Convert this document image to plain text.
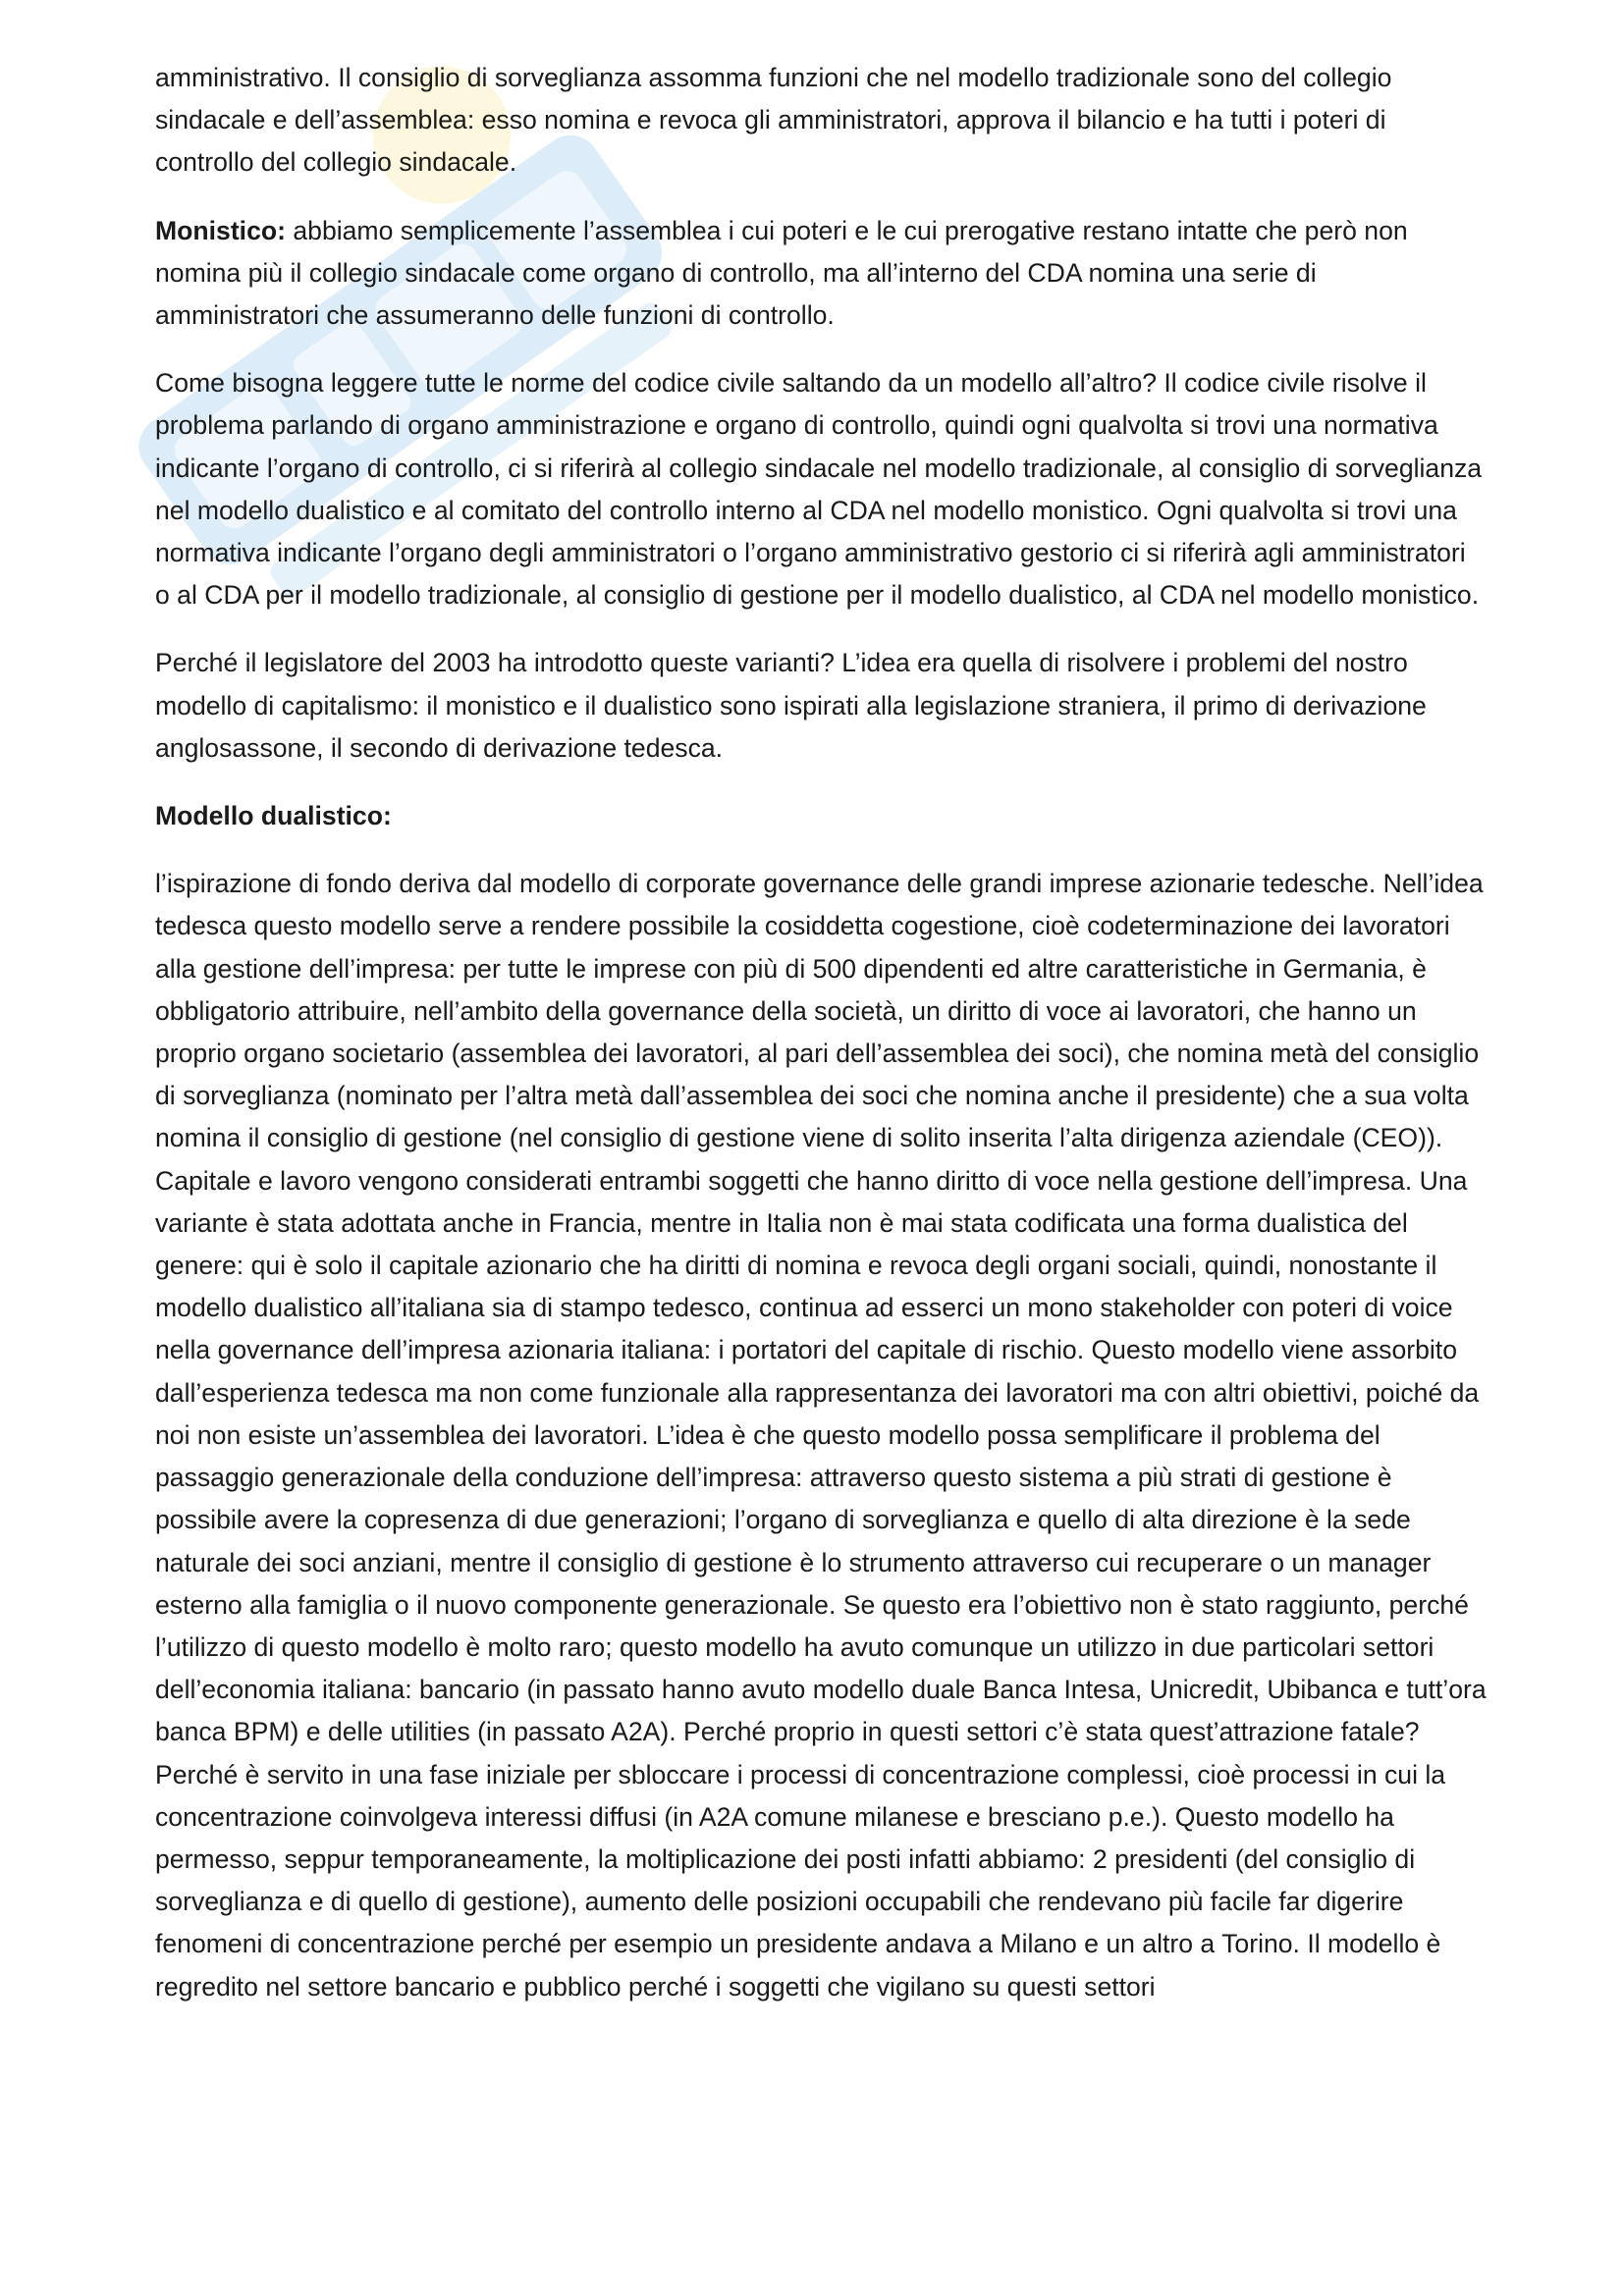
amministrativo. Il consiglio di sorveglianza assomma funzioni che nel modello tradizionale sono del collegio sindacale e dell’assemblea: esso nomina e revoca gli amministratori, approva il bilancio e ha tutti i poteri di controllo del collegio sindacale.

Monistico: abbiamo semplicemente l’assemblea i cui poteri e le cui prerogative restano intatte che però non nomina più il collegio sindacale come organo di controllo, ma all’interno del CDA nomina una serie di amministratori che assumeranno delle funzioni di controllo.

Come bisogna leggere tutte le norme del codice civile saltando da un modello all’altro? Il codice civile risolve il problema parlando di organo amministrazione e organo di controllo, quindi ogni qualvolta si trovi una normativa indicante l’organo di controllo, ci si riferirà al collegio sindacale nel modello tradizionale, al consiglio di sorveglianza nel modello dualistico e al comitato del controllo interno al CDA nel modello monistico. Ogni qualvolta si trovi una normativa indicante l’organo degli amministratori o l’organo amministrativo gestorio ci si riferirà agli amministratori o al CDA per il modello tradizionale, al consiglio di gestione per il modello dualistico, al CDA nel modello monistico.

Perché il legislatore del 2003 ha introdotto queste varianti? L’idea era quella di risolvere i problemi del nostro modello di capitalismo: il monistico e il dualistico sono ispirati alla legislazione straniera, il primo di derivazione anglosassone, il secondo di derivazione tedesca.

Modello dualistico:

l’ispirazione di fondo deriva dal modello di corporate governance delle grandi imprese azionarie tedesche. Nell’idea tedesca questo modello serve a rendere possibile la cosiddetta cogestione, cioè codeterminazione dei lavoratori alla gestione dell’impresa: per tutte le imprese con più di 500 dipendenti ed altre caratteristiche in Germania, è obbligatorio attribuire, nell’ambito della governance della società, un diritto di voce ai lavoratori, che hanno un proprio organo societario (assemblea dei lavoratori, al pari dell’assemblea dei soci), che nomina metà del consiglio di sorveglianza (nominato per l’altra metà dall’assemblea dei soci che nomina anche il presidente) che a sua volta nomina il consiglio di gestione (nel consiglio di gestione viene di solito inserita l’alta dirigenza aziendale (CEO)). Capitale e lavoro vengono considerati entrambi soggetti che hanno diritto di voce nella gestione dell’impresa. Una variante è stata adottata anche in Francia, mentre in Italia non è mai stata codificata una forma dualistica del genere: qui è solo il capitale azionario che ha diritti di nomina e revoca degli organi sociali, quindi, nonostante il modello dualistico all’italiana sia di stampo tedesco, continua ad esserci un mono stakeholder con poteri di voice nella governance dell’impresa azionaria italiana: i portatori del capitale di rischio. Questo modello viene assorbito dall’esperienza tedesca ma non come funzionale alla rappresentanza dei lavoratori ma con altri obiettivi, poiché da noi non esiste un’assemblea dei lavoratori. L’idea è che questo modello possa semplificare il problema del passaggio generazionale della conduzione dell’impresa: attraverso questo sistema a più strati di gestione è possibile avere la copresenza di due generazioni; l’organo di sorveglianza e quello di alta direzione è la sede naturale dei soci anziani, mentre il consiglio di gestione è lo strumento attraverso cui recuperare o un manager esterno alla famiglia o il nuovo componente generazionale. Se questo era l’obiettivo non è stato raggiunto, perché l’utilizzo di questo modello è molto raro; questo modello ha avuto comunque un utilizzo in due particolari settori dell’economia italiana: bancario (in passato hanno avuto modello duale Banca Intesa, Unicredit, Ubibanca e tutt’ora banca BPM) e delle utilities (in passato A2A). Perché proprio in questi settori c’è stata quest’attrazione fatale? Perché è servito in una fase iniziale per sbloccare i processi di concentrazione complessi, cioè processi in cui la concentrazione coinvolgeva interessi diffusi (in A2A comune milanese e bresciano p.e.). Questo modello ha permesso, seppur temporaneamente, la moltiplicazione dei posti infatti abbiamo: 2 presidenti (del consiglio di sorveglianza e di quello di gestione), aumento delle posizioni occupabili che rendevano più facile far digerire fenomeni di concentrazione perché per esempio un presidente andava a Milano e un altro a Torino. Il modello è regredito nel settore bancario e pubblico perché i soggetti che vigilano su questi settori
